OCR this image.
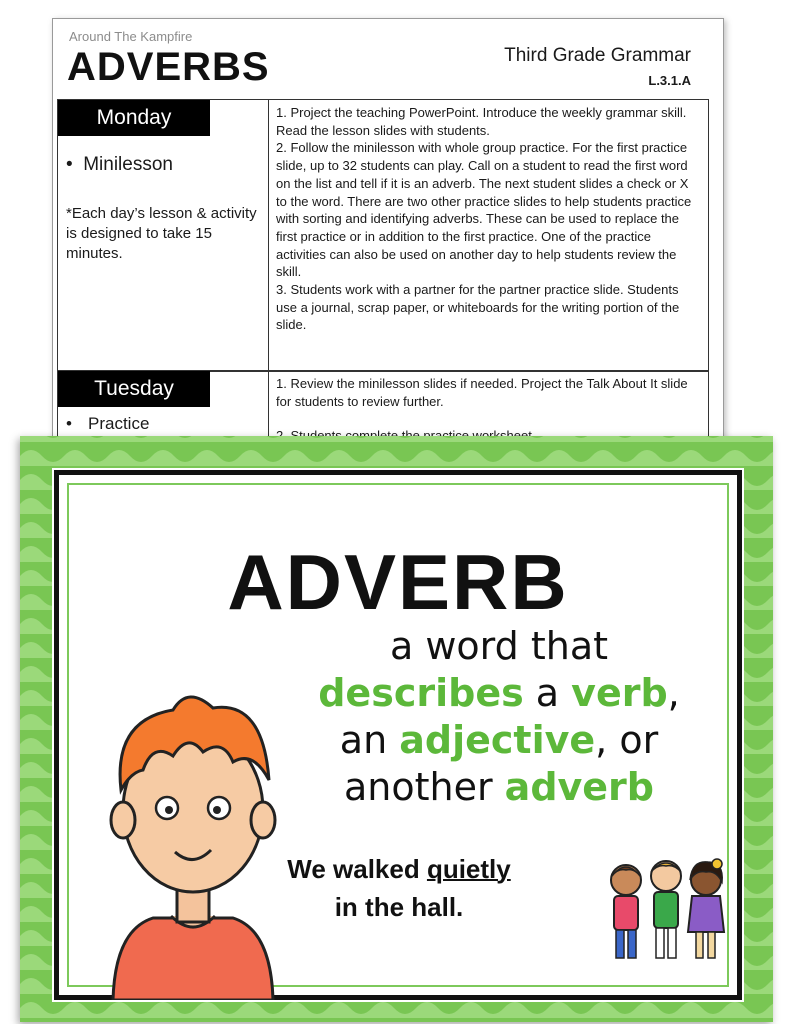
Around The Kampfire
ADVERBS	Third Grade Grammar
L.3.1.A
Monday
•  Minilesson
*Each day’s lesson & activity is designed to take 15 minutes.

1. Project the teaching PowerPoint. Introduce the weekly grammar skill. Read the lesson slides with students.

2. Follow the minilesson with whole group practice. For the first practice slide, up to 32 students can play. Call on a student to read the first word on the list and tell if it is an adverb. The next student slides a check or X to the word. There are two other practice slides to help students practice with sorting and identifying adverbs. These can be used to replace the first practice or in addition to the first practice. One of the practice activities can also be used on another day to help students review the skill.

3. Students work with a partner for the partner practice slide. Students use a journal, scrap paper, or whiteboards for the writing portion of the slide.

Tuesday
• Practice

1. Review the minilesson slides if needed. Project the Talk About It slide for students to review further.

ADVERB
a word that
describes a verb,
an adjective, or
another adverb
We walked quietly
in the hall.
